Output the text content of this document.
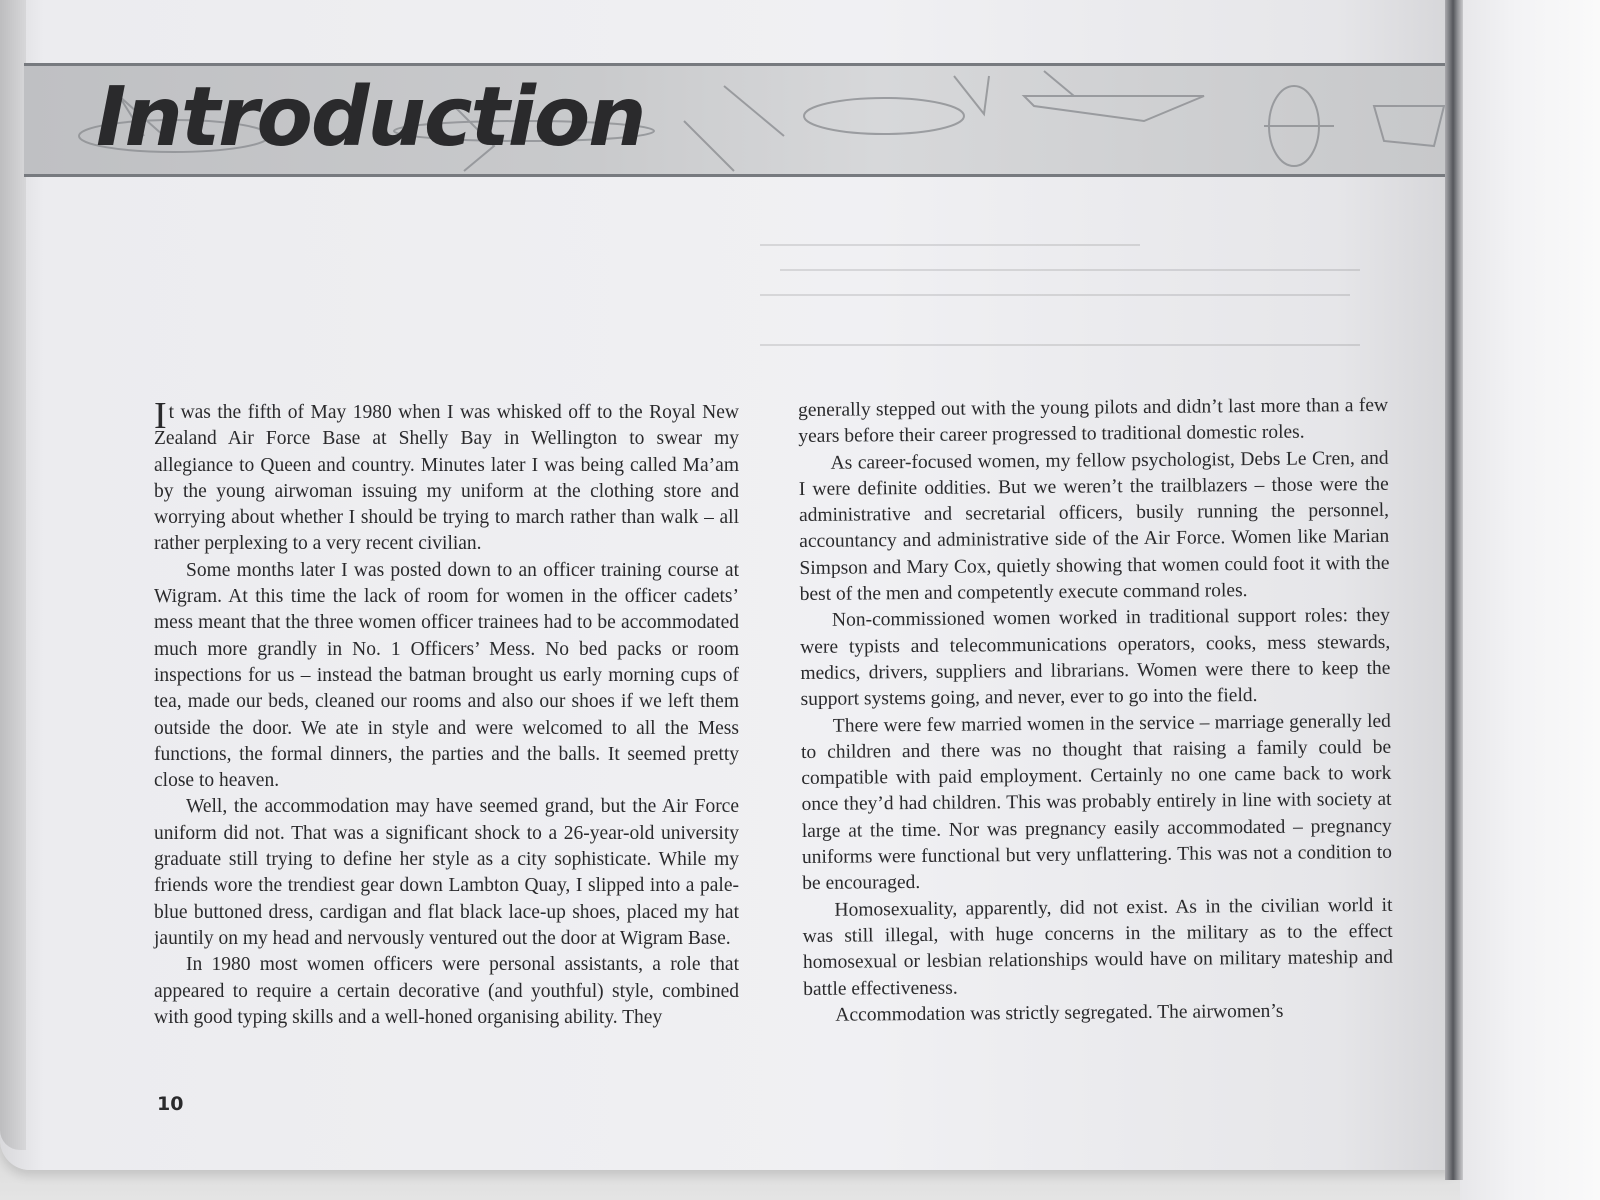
Introduction

It was the fifth of May 1980 when I was whisked off to the Royal New Zealand Air Force Base at Shelly Bay in Wellington to swear my allegiance to Queen and country. Minutes later I was being called Ma’am by the young airwoman issuing my uniform at the clothing store and worrying about whether I should be trying to march rather than walk – all rather perplexing to a very recent civilian.

Some months later I was posted down to an officer training course at Wigram. At this time the lack of room for women in the officer cadets’ mess meant that the three women officer trainees had to be accommodated much more grandly in No. 1 Officers’ Mess. No bed packs or room inspections for us – instead the batman brought us early morning cups of tea, made our beds, cleaned our rooms and also our shoes if we left them outside the door. We ate in style and were welcomed to all the Mess functions, the formal dinners, the parties and the balls. It seemed pretty close to heaven.

Well, the accommodation may have seemed grand, but the Air Force uniform did not. That was a significant shock to a 26-year-old university graduate still trying to define her style as a city sophisticate. While my friends wore the trendiest gear down Lambton Quay, I slipped into a pale-blue buttoned dress, cardigan and flat black lace-up shoes, placed my hat jauntily on my head and nervously ventured out the door at Wigram Base.

In 1980 most women officers were personal assistants, a role that appeared to require a certain decorative (and youthful) style, combined with good typing skills and a well-honed organising ability. They

generally stepped out with the young pilots and didn’t last more than a few years before their career progressed to traditional domestic roles.

As career-focused women, my fellow psychologist, Debs Le Cren, and I were definite oddities. But we weren’t the trailblazers – those were the administrative and secretarial officers, busily running the personnel, accountancy and administrative side of the Air Force. Women like Marian Simpson and Mary Cox, quietly showing that women could foot it with the best of the men and competently execute command roles.

Non-commissioned women worked in traditional support roles: they were typists and telecommunications operators, cooks, mess stewards, medics, drivers, suppliers and librarians. Women were there to keep the support systems going, and never, ever to go into the field.

There were few married women in the service – marriage generally led to children and there was no thought that raising a family could be compatible with paid employment. Certainly no one came back to work once they’d had children. This was probably entirely in line with society at large at the time. Nor was pregnancy easily accommodated – pregnancy uniforms were functional but very unflattering. This was not a condition to be encouraged.

Homosexuality, apparently, did not exist. As in the civilian world it was still illegal, with huge concerns in the military as to the effect homosexual or lesbian relationships would have on military mateship and battle effectiveness.

Accommodation was strictly segregated. The airwomen’s

10
